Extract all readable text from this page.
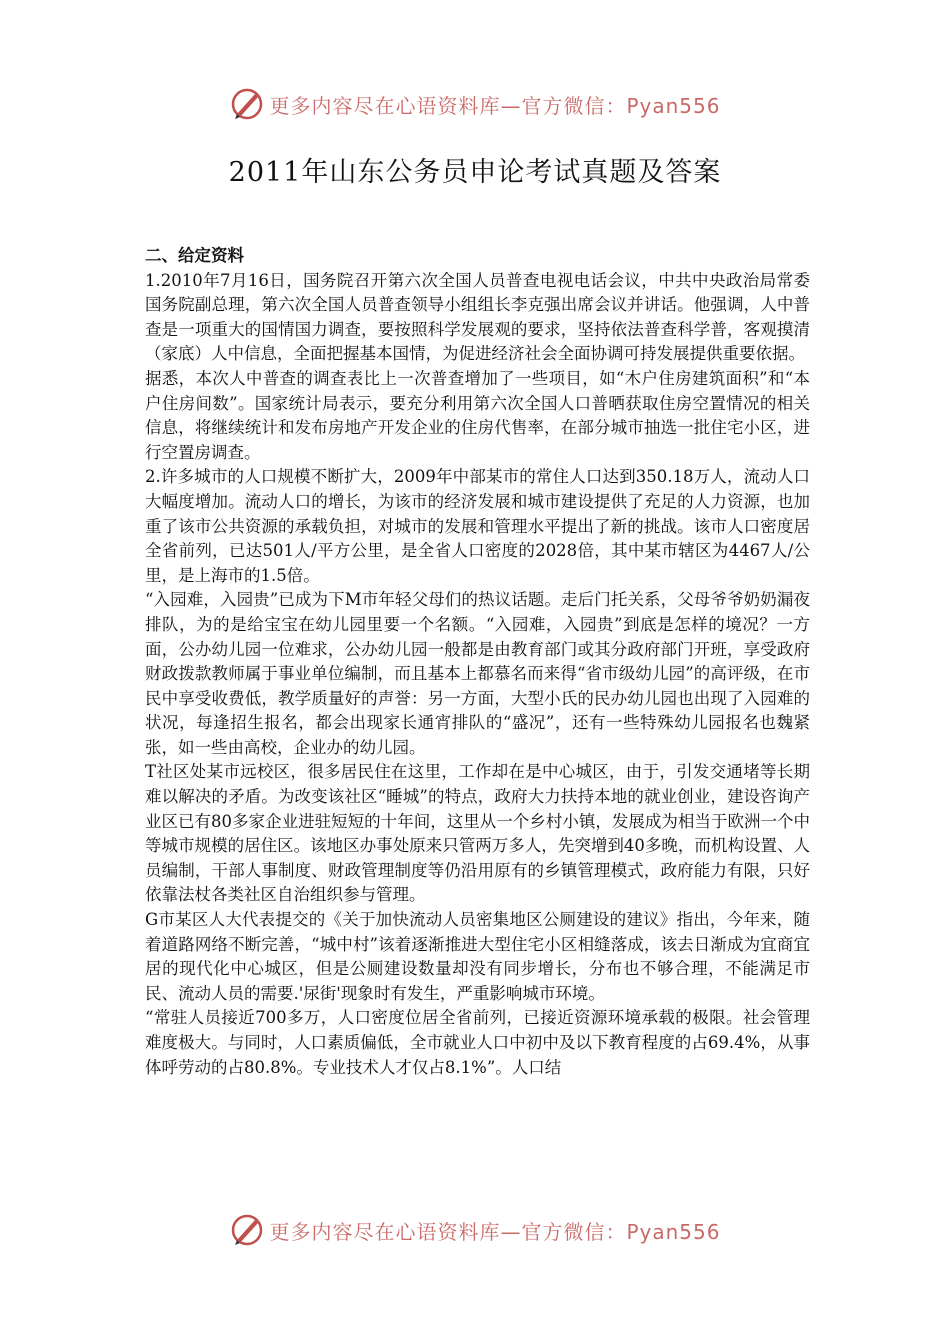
更多内容尽在心语资料库—官方微信：Pyan556
2011年山东公务员申论考试真题及答案

二、给定资料

1.2010年7月16日，国务院召开第六次全国人员普查电视电话会议，中共中央政治局常委国务院副总理，第六次全国人员普查领导小组组长李克强出席会议并讲话。他强调，人中普查是一项重大的国情国力调查，要按照科学发展观的要求，坚持依法普查科学普，客观摸清（家底）人中信息，全面把握基本国情，为促进经济社会全面协调可持发展提供重要依据。

据悉，本次人中普查的调查表比上一次普查增加了一些项目，如“木户住房建筑面积”和“本户住房间数”。国家统计局表示，要充分利用第六次全国人口普晒获取住房空置情况的相关信息，将继续统计和发布房地产开发企业的住房代售率，在部分城市抽选一批住宅小区，进行空置房调查。

2.许多城市的人口规模不断扩大，2009年中部某市的常住人口达到350.18万人，流动人口大幅度增加。流动人口的增长，为该市的经济发展和城市建设提供了充足的人力资源，也加重了该市公共资源的承载负担，对城市的发展和管理水平提出了新的挑战。该市人口密度居全省前列，已达501人/平方公里，是全省人口密度的2028倍，其中某市辖区为4467人/公里，是上海市的1.5倍。

“入园难，入园贵”已成为下M市年轻父母们的热议话题。走后门托关系，父母爷爷奶奶漏夜排队，为的是给宝宝在幼儿园里要一个名额。“入园难，入园贵”到底是怎样的境况？一方面，公办幼儿园一位难求，公办幼儿园一般都是由教育部门或其分政府部门开班，享受政府财政拨款教师属于事业单位编制，而且基本上都慕名而来得“省市级幼儿园”的高评级，在市民中享受收费低，教学质量好的声誉：另一方面，大型小氏的民办幼儿园也出现了入园难的状况，每逢招生报名，都会出现家长通宵排队的“盛况”，还有一些特殊幼儿园报名也魏紧张，如一些由高校，企业办的幼儿园。

T社区处某市远校区，很多居民住在这里，工作却在是中心城区，由于，引发交通堵等长期难以解决的矛盾。为改变该社区“睡城”的特点，政府大力扶持本地的就业创业，建设咨询产业区已有80多家企业进驻短短的十年间，这里从一个乡村小镇，发展成为相当于欧洲一个中等城市规模的居住区。该地区办事处原来只管两万多人，先突增到40多晚，而机构设置、人员编制，干部人事制度、财政管理制度等仍沿用原有的乡镇管理模式，政府能力有限，只好依靠法杖各类社区自治组织参与管理。

G市某区人大代表提交的《关于加快流动人员密集地区公厕建设的建议》指出，今年来，随着道路网络不断完善，“城中村”该着逐渐推进大型住宅小区相缝落成，该去日渐成为宜商宜居的现代化中心城区，但是公厕建设数量却没有同步增长，分布也不够合理，不能满足市民、流动人员的需要.'尿街'现象时有发生，严重影响城市环境。

“常驻人员接近700多万，人口密度位居全省前列，已接近资源环境承载的极限。社会管理难度极大。与同时，人口素质偏低，全市就业人口中初中及以下教育程度的占69.4%，从事体呼劳动的占80.8%。专业技术人才仅占8.1%”。人口结

更多内容尽在心语资料库—官方微信：Pyan556
